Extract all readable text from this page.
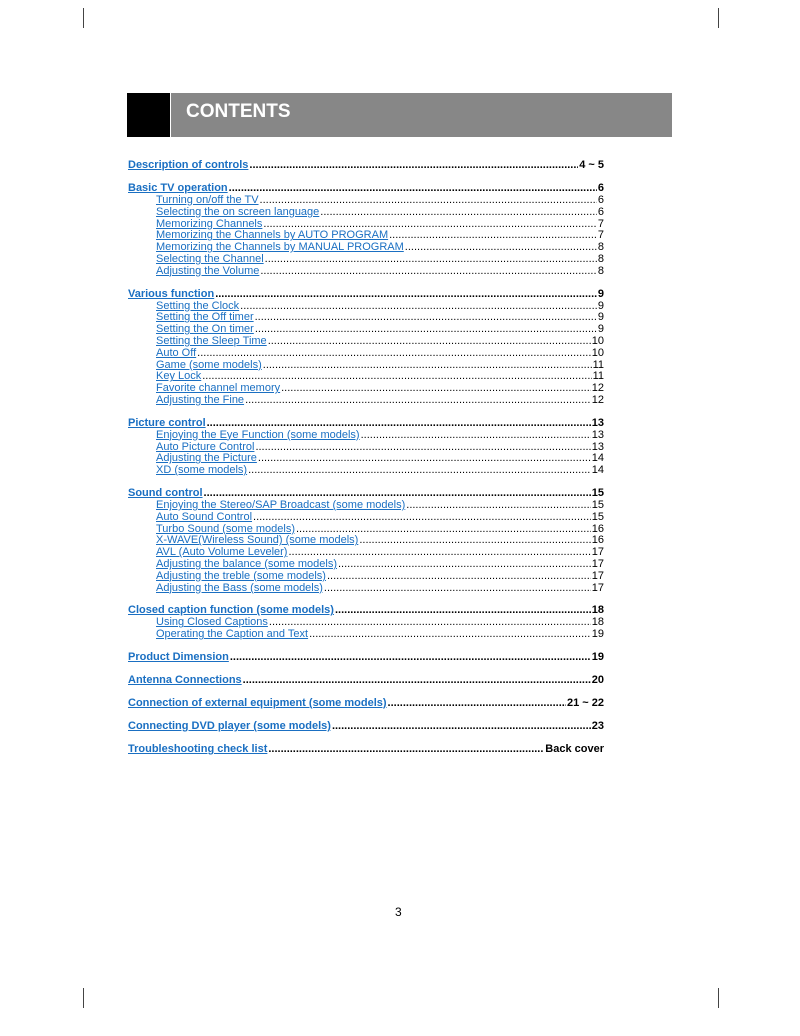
CONTENTS
Description of controls .....	4 ~ 5
Basic TV operation .....	6
Turning on/off the TV .....	6
Selecting the on screen language .....	6
Memorizing Channels .....	7
Memorizing the Channels by AUTO PROGRAM .....	7
Memorizing the Channels by MANUAL PROGRAM .....	8
Selecting the Channel .....	8
Adjusting the Volume .....	8
Various function .....	9
Setting the Clock .....	9
Setting the Off timer .....	9
Setting the On timer .....	9
Setting the Sleep Time .....	10
Auto Off .....	10
Game (some models) .....	11
Key Lock .....	11
Favorite channel memory .....	12
Adjusting the Fine .....	12
Picture control .....	13
Enjoying the Eye Function (some models) .....	13
Auto Picture Control .....	13
Adjusting the Picture .....	14
XD (some models) .....	14
Sound control .....	15
Enjoying the Stereo/SAP Broadcast (some models) .....	15
Auto Sound Control .....	15
Turbo Sound (some models) .....	16
X-WAVE(Wireless Sound) (some models) .....	16
AVL (Auto Volume Leveler) .....	17
Adjusting the balance (some models) .....	17
Adjusting the treble (some models) .....	17
Adjusting the Bass (some models) .....	17
Closed caption function (some models) .....	18
Using Closed Captions .....	18
Operating the Caption and Text .....	19
Product Dimension .....	19
Antenna Connections .....	20
Connection of external equipment (some models) .....	21 ~ 22
Connecting DVD player (some models) .....	23
Troubleshooting check list .....	Back cover
3
